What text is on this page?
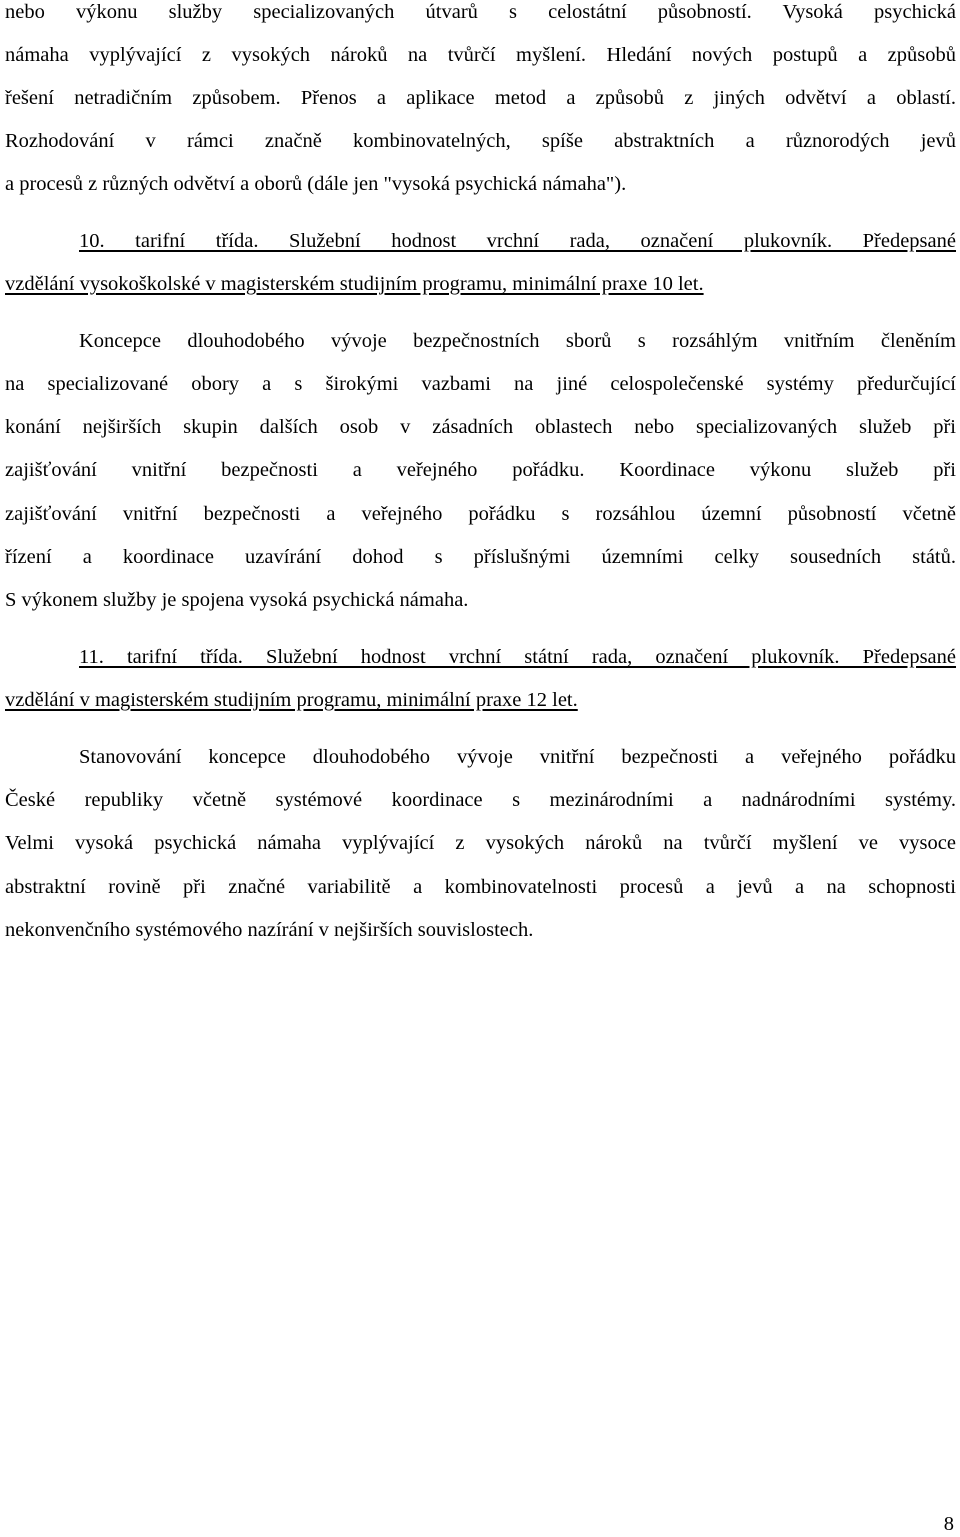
nebo výkonu služby specializovaných útvarů s celostátní působností. Vysoká psychická
námaha vyplývající z vysokých nároků na tvůrčí myšlení. Hledání nových postupů a způsobů
řešení netradičním způsobem. Přenos a aplikace metod a způsobů z jiných odvětví a oblastí.
Rozhodování v rámci značně kombinovatelných, spíše abstraktních a různorodých jevů
a procesů z různých odvětví a oborů (dále jen "vysoká psychická námaha").
10. tarifní třída. Služební hodnost vrchní rada, označení plukovník. Předepsané
vzdělání vysokoškolské v magisterském studijním programu, minimální praxe 10 let.
Koncepce dlouhodobého vývoje bezpečnostních sborů s rozsáhlým vnitřním členěním
na specializované obory a s širokými vazbami na jiné celospolečenské systémy předurčující
konání nejširších skupin dalších osob v zásadních oblastech nebo specializovaných služeb při
zajišťování vnitřní bezpečnosti a veřejného pořádku. Koordinace výkonu služeb při
zajišťování vnitřní bezpečnosti a veřejného pořádku s rozsáhlou územní působností včetně
řízení a koordinace uzavírání dohod s příslušnými územními celky sousedních států.
S výkonem služby je spojena vysoká psychická námaha.
11. tarifní třída. Služební hodnost vrchní státní rada, označení plukovník. Předepsané
vzdělání v magisterském studijním programu, minimální praxe 12 let.
Stanovování koncepce dlouhodobého vývoje vnitřní bezpečnosti a veřejného pořádku
České republiky včetně systémové koordinace s mezinárodními a nadnárodními systémy.
Velmi vysoká psychická námaha vyplývající z vysokých nároků na tvůrčí myšlení ve vysoce
abstraktní rovině při značné variabilitě a kombinovatelnosti procesů a jevů a na schopnosti
nekonvenčního systémového nazírání v nejširších souvislostech.
8
